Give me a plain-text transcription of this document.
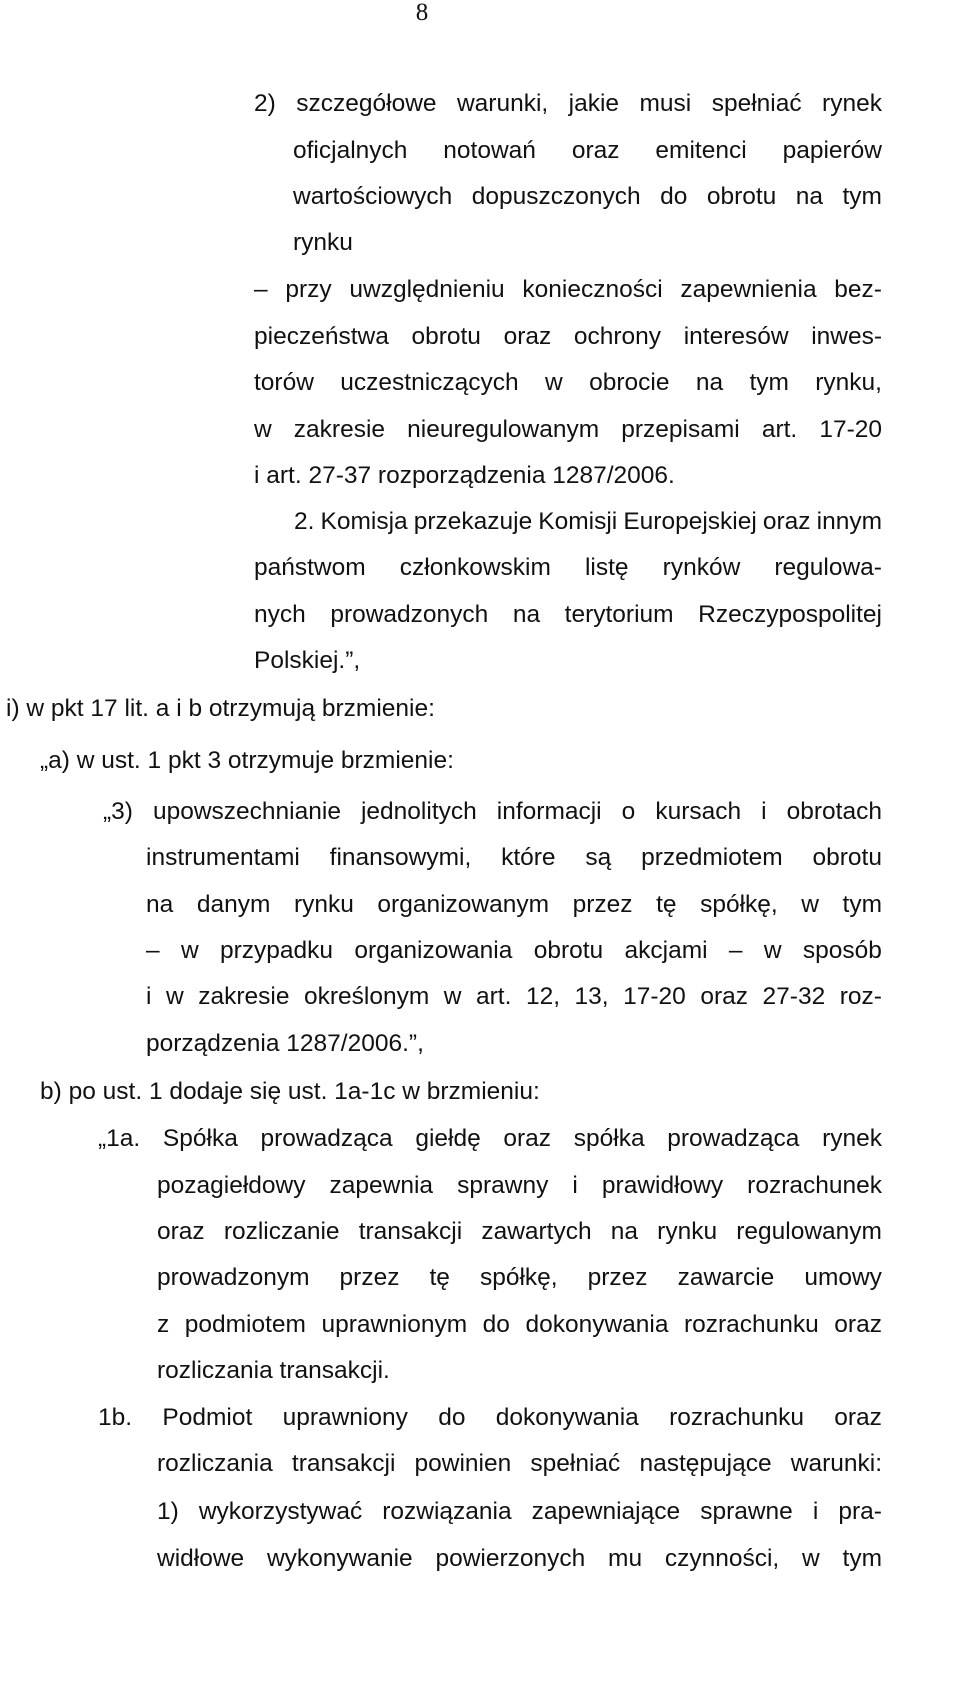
8
2) szczegółowe warunki, jakie musi spełniać rynek
oficjalnych notowań oraz emitenci papierów
wartościowych dopuszczonych do obrotu na tym
rynku
– przy uwzględnieniu konieczności zapewnienia bez-
pieczeństwa obrotu oraz ochrony interesów inwes-
torów uczestniczących w obrocie na tym rynku,
w zakresie nieuregulowanym przepisami art. 17-20
i art. 27-37 rozporządzenia 1287/2006.
2. Komisja przekazuje Komisji Europejskiej oraz innym
państwom członkowskim listę rynków regulowa-
nych prowadzonych na terytorium Rzeczypospolitej
Polskiej.”,
i) w pkt 17 lit. a i b otrzymują brzmienie:
„a) w ust. 1 pkt 3 otrzymuje brzmienie:
„3) upowszechnianie jednolitych informacji o kursach i obrotach
instrumentami finansowymi, które są przedmiotem obrotu
na danym rynku organizowanym przez tę spółkę, w tym
– w przypadku organizowania obrotu akcjami – w sposób
i w zakresie określonym w art. 12, 13, 17-20 oraz 27-32 roz-
porządzenia 1287/2006.”,
b) po ust. 1 dodaje się ust. 1a-1c w brzmieniu:
„1a. Spółka prowadząca giełdę oraz spółka prowadząca rynek
pozagiełdowy zapewnia sprawny i prawidłowy rozrachunek
oraz rozliczanie transakcji zawartych na rynku regulowanym
prowadzonym przez tę spółkę, przez zawarcie umowy
z podmiotem uprawnionym do dokonywania rozrachunku oraz
rozliczania transakcji.
1b. Podmiot uprawniony do dokonywania rozrachunku oraz
rozliczania transakcji powinien spełniać następujące warunki:
1) wykorzystywać rozwiązania zapewniające sprawne i pra-
widłowe wykonywanie powierzonych mu czynności, w tym
